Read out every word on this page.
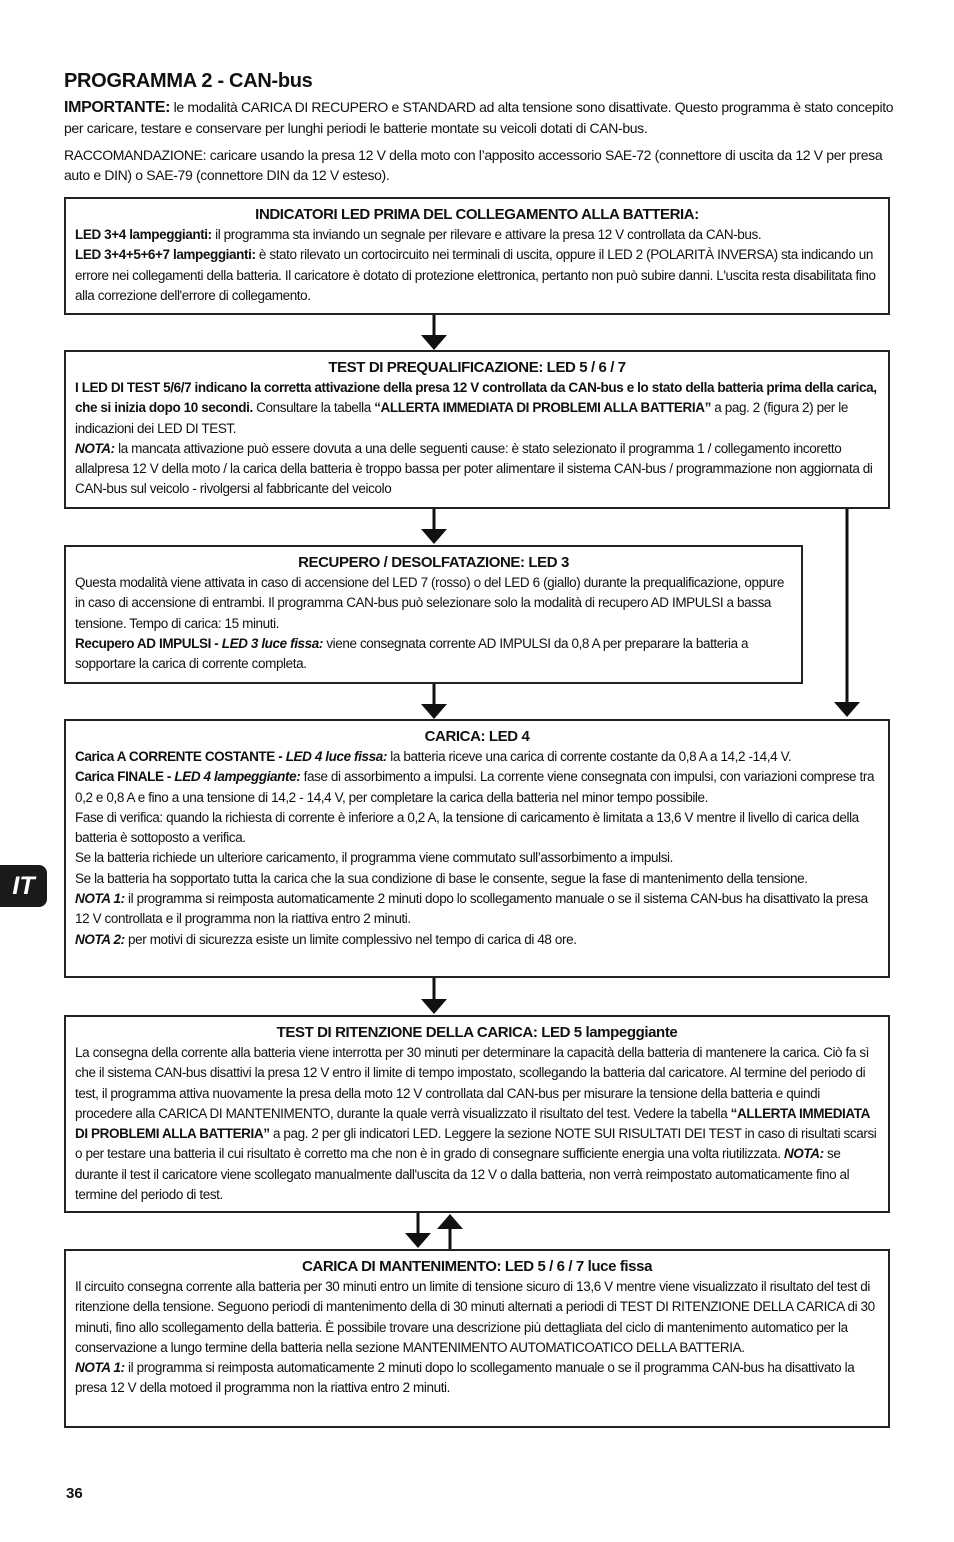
PROGRAMMA 2 - CAN-bus
IMPORTANTE: le modalità CARICA DI RECUPERO e STANDARD ad alta tensione sono disattivate. Questo programma è stato concepito per caricare, testare e conservare per lunghi periodi le batterie montate su veicoli dotati di CAN-bus.
RACCOMANDAZIONE: caricare usando la presa 12 V della moto con l’apposito accessorio SAE-72 (connettore di uscita da 12 V per presa auto e DIN) o SAE-79 (connettore DIN da 12 V esteso).
INDICATORI LED PRIMA DEL COLLEGAMENTO ALLA BATTERIA:

LED 3+4 lampeggianti: il programma sta inviando un segnale per rilevare e attivare la presa 12 V controllata da CAN-bus.

LED 3+4+5+6+7 lampeggianti: è stato rilevato un cortocircuito nei terminali di uscita, oppure il LED 2 (POLARITÀ INVERSA) sta indicando un errore nei collegamenti della batteria. Il caricatore è dotato di protezione elettronica, pertanto non può subire danni. L'uscita resta disabilitata fino alla correzione dell'errore di collegamento.

TEST DI PREQUALIFICAZIONE: LED 5 / 6 / 7

I LED DI TEST 5/6/7 indicano la corretta attivazione della presa 12 V controllata da CAN-bus e lo stato della batteria prima della carica, che si inizia dopo 10 secondi. Consultare la tabella “ALLERTA IMMEDIATA DI PROBLEMI ALLA BATTERIA” a pag. 2 (figura 2) per le indicazioni dei LED DI TEST.

NOTA: la mancata attivazione può essere dovuta a una delle seguenti cause: è stato selezionato il programma 1 / collegamento incoretto allalpresa 12 V della moto / la carica della batteria è troppo bassa per poter alimentare il sistema CAN-bus / programmazione non aggiornata di CAN-bus sul veicolo - rivolgersi al fabbricante del veicolo

RECUPERO / DESOLFATAZIONE: LED 3

Questa modalità viene attivata in caso di accensione del LED 7 (rosso) o del LED 6 (giallo) durante la prequalificazione, oppure in caso di accensione di entrambi. Il programma CAN-bus può selezionare solo la modalità di recupero AD IMPULSI a bassa tensione. Tempo di carica: 15 minuti.

Recupero AD IMPULSI - LED 3 luce fissa: viene consegnata corrente AD IMPULSI da 0,8 A per preparare la batteria a sopportare la carica di corrente completa.

CARICA: LED 4

Carica A CORRENTE COSTANTE - LED 4 luce fissa: la batteria riceve una carica di corrente costante da 0,8 A a 14,2 -14,4 V.

Carica FINALE - LED 4 lampeggiante: fase di assorbimento a impulsi. La corrente viene consegnata con impulsi, con variazioni comprese tra 0,2 e 0,8 A e fino a una tensione di 14,2 - 14,4 V, per completare la carica della batteria nel minor tempo possibile.

Fase di verifica: quando la richiesta di corrente è inferiore a 0,2 A, la tensione di caricamento è limitata a 13,6 V mentre il livello di carica della batteria è sottoposto a verifica.

Se la batteria richiede un ulteriore caricamento, il programma viene commutato sull’assorbimento a impulsi.

Se la batteria ha sopportato tutta la carica che la sua condizione di base le consente, segue la fase di mantenimento della tensione.

NOTA 1: il programma si reimposta automaticamente 2 minuti dopo lo scollegamento manuale o se il sistema CAN-bus ha disattivato la presa 12 V controllata e il programma non la riattiva entro 2 minuti.

NOTA 2: per motivi di sicurezza esiste un limite complessivo nel tempo di carica di 48 ore.

TEST DI RITENZIONE DELLA CARICA: LED 5 lampeggiante

La consegna della corrente alla batteria viene interrotta per 30 minuti per determinare la capacità della batteria di mantenere la carica. Ciò fa sì che il sistema CAN-bus disattivi la presa 12 V entro il limite di tempo impostato, scollegando la batteria dal caricatore. Al termine del periodo di test, il programma attiva nuovamente la presa della moto 12 V controllata dal CAN-bus per misurare la tensione della batteria e quindi procedere alla CARICA DI MANTENIMENTO, durante la quale verrà visualizzato il risultato del test. Vedere la tabella “ALLERTA IMMEDIATA DI PROBLEMI ALLA BATTERIA” a pag. 2 per gli indicatori LED. Leggere la sezione NOTE SUI RISULTATI DEI TEST in caso di risultati scarsi o per testare una batteria il cui risultato è corretto ma che non è in grado di consegnare sufficiente energia una volta riutilizzata. NOTA: se durante il test il caricatore viene scollegato manualmente dall'uscita da 12 V o dalla batteria, non verrà reimpostato automaticamente fino al termine del periodo di test.

CARICA DI MANTENIMENTO: LED 5 / 6 / 7 luce fissa

Il circuito consegna corrente alla batteria per 30 minuti entro un limite di tensione sicuro di 13,6 V mentre viene visualizzato il risultato del test di ritenzione della tensione. Seguono periodi di mantenimento della di 30 minuti alternati a periodi di TEST DI RITENZIONE DELLA CARICA di 30 minuti, fino allo scollegamento della batteria. È possibile trovare una descrizione più dettagliata del ciclo di mantenimento automatico per la conservazione a lungo termine della batteria nella sezione MANTENIMENTO AUTOMATICOATICO DELLA BATTERIA.

NOTA 1: il programma si reimposta automaticamente 2 minuti dopo lo scollegamento manuale o se il programma CAN-bus ha disattivato la presa 12 V della motoed il programma non la riattiva entro 2 minuti.

IT
36
